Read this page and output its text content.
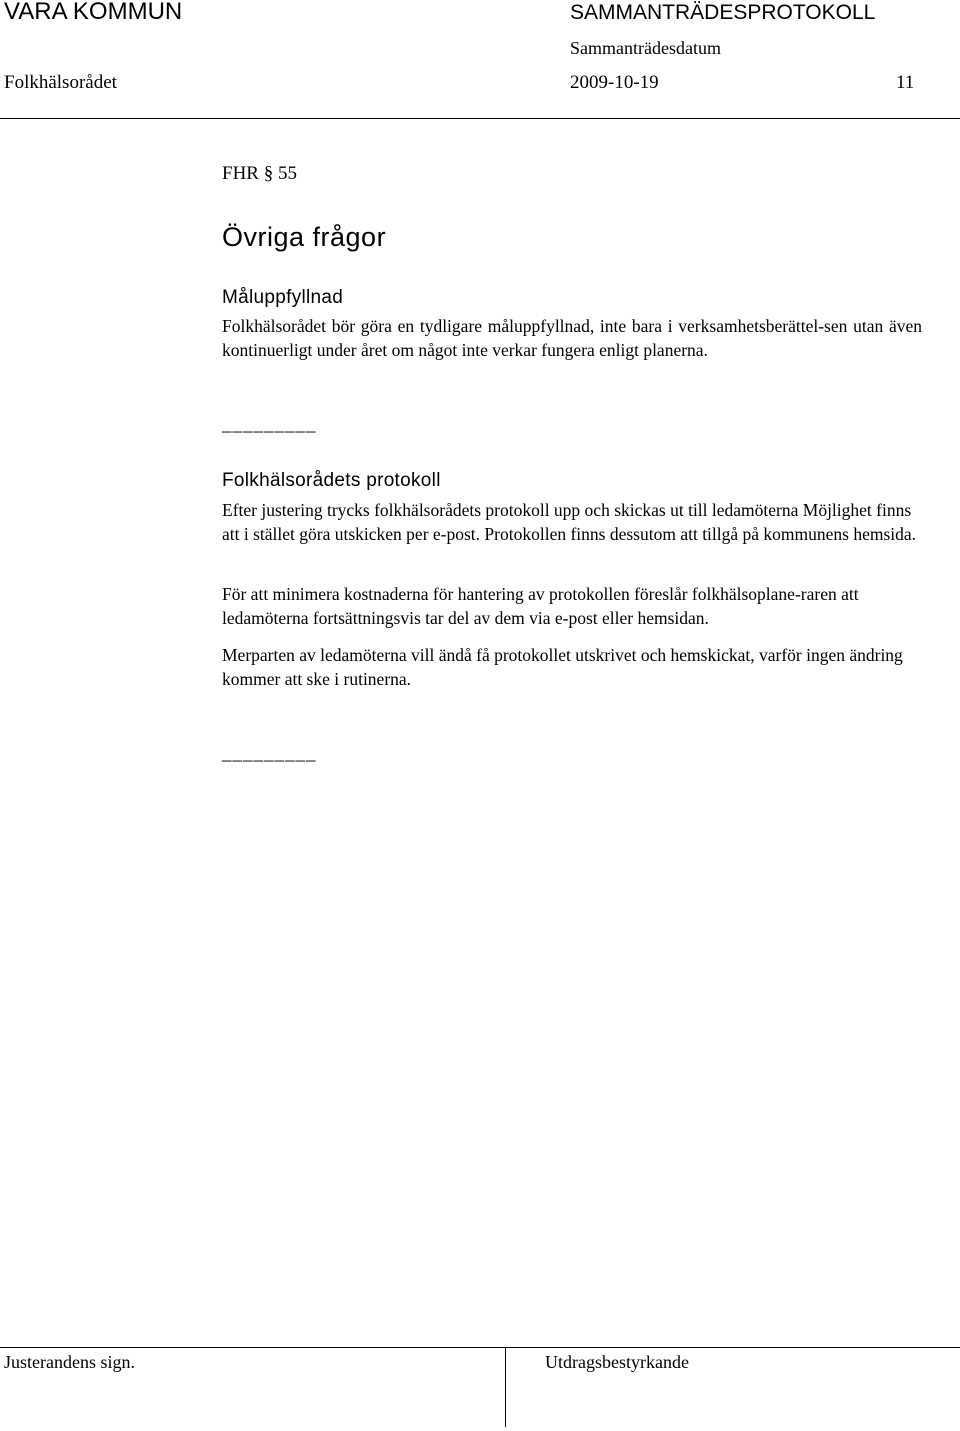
VARA KOMMUN	SAMMANTRÄDESPROTOKOLL
Sammanträdesdatum
Folkhälsorådet	2009-10-19	11
FHR § 55
Övriga frågor
Måluppfyllnad

Folkhälsorådet bör göra en tydligare måluppfyllnad, inte bara i verksamhetsberättel-sen utan även kontinuerligt under året om något inte verkar fungera enligt planerna.

_________
Folkhälsorådets protokoll

Efter justering trycks folkhälsorådets protokoll upp och skickas ut till ledamöterna Möjlighet finns att i stället göra utskicken per e-post. Protokollen finns dessutom att tillgå på kommunens hemsida.

För att minimera kostnaderna för hantering av protokollen föreslår folkhälsoplane-raren att ledamöterna fortsättningsvis tar del av dem via e-post eller hemsidan.

Merparten av ledamöterna vill ändå få protokollet utskrivet och hemskickat, varför ingen ändring kommer att ske i rutinerna.

_________
Justerandens sign.	Utdragsbestyrkande
